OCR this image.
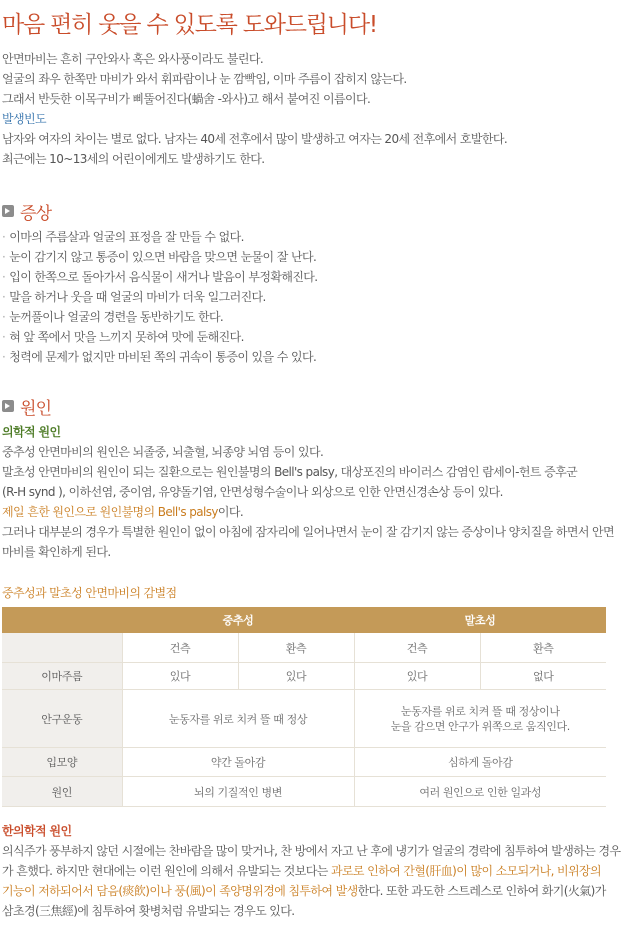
마음 편히 웃을 수 있도록 도와드립니다!
안면마비는 흔히 구안와사 혹은 와사풍이라도 불린다.
얼굴의 좌우 한쪽만 마비가 와서 휘파람이나 눈 깜빡임, 이마 주름이 잡히지 않는다.
그래서 반듯한 이목구비가 삐뚤어진다(蝸舍 -와사)고 해서 붙여진 이름이다.
발생빈도
남자와 여자의 차이는 별로 없다. 남자는 40세 전후에서 많이 발생하고 여자는 20세 전후에서 호발한다.
최근에는 10~13세의 어린이에게도 발생하기도 한다.
증상
· 이마의 주름살과 얼굴의 표정을 잘 만들 수 없다.
· 눈이 감기지 않고 통증이 있으면 바람을 맞으면 눈물이 잘 난다.
· 입이 한쪽으로 돌아가서 음식물이 새거나 발음이 부정확해진다.
· 말을 하거나 웃을 때 얼굴의 마비가 더욱 일그러진다.
· 눈꺼풀이나 얼굴의 경련을 동반하기도 한다.
· 혀 앞 쪽에서 맛을 느끼지 못하여 맛에 둔해진다.
· 청력에 문제가 없지만 마비된 쪽의 귀속이 통증이 있을 수 있다.
원인
의학적 원인
중추성 안면마비의 원인은 뇌졸중, 뇌출혈, 뇌종양 뇌염 등이 있다.
말초성 안면마비의 원인이 되는 질환으로는 원인불명의 Bell's palsy, 대상포진의 바이러스 감염인 람세이-헌트 증후군
(R-H synd ), 이하선염, 중이염, 유양돌기염, 안면성형수술이나 외상으로 인한 안면신경손상 등이 있다.
제일 흔한 원인으로 원인불명의 Bell's palsy이다.
그러나 대부분의 경우가 특별한 원인이 없이 아침에 잠자리에 일어나면서 눈이 잘 감기지 않는 증상이나 양치질을 하면서 안면
마비를 확인하게 된다.
중추성과 말초성 안면마비의 감별점
	중추성		말초성	
	건측	환측	건측	환측
이마주름	있다	있다	있다	없다
안구운동	눈동자를 위로 치켜 뜰 때 정상		눈동자를 위로 치켜 뜰 때 정상이나
눈을 감으면 안구가 위쪽으로 움직인다.	

입모양	약간 돌아감		심하게 돌아감	
원인	뇌의 기질적인 병변		여러 원인으로 인한 일과성	
한의학적 원인
의식주가 풍부하지 않던 시절에는 찬바람을 많이 맞거나, 찬 방에서 자고 난 후에 냉기가 얼굴의 경락에 침투하여 발생하는 경우
가 흔했다. 하지만 현대에는 이런 원인에 의해서 유발되는 것보다는 과로로 인하여 간혈(肝血)이 많이 소모되거나, 비위장의
기능이 저하되어서 담음(痰飮)이나 풍(風)이 족양명위경에 침투하여 발생한다. 또한 과도한 스트레스로 인하여 화기(火氣)가
삼초경(三焦經)에 침투하여 홧병처럼 유발되는 경우도 있다.
